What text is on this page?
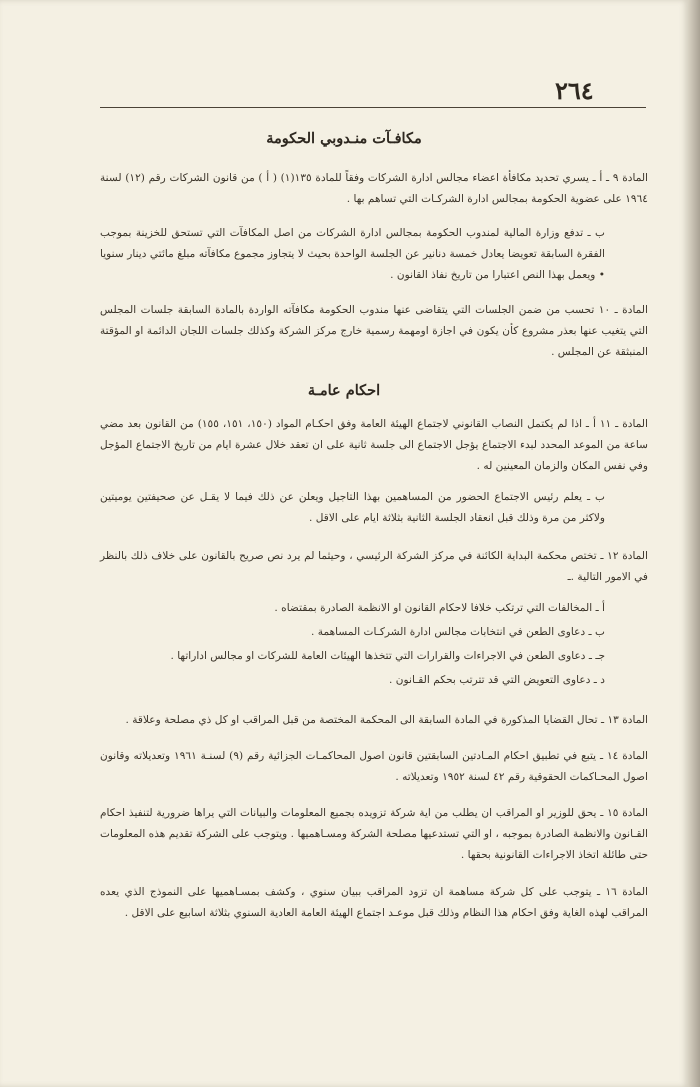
٢٦٤
مكافـآت منـدوبي الحكومة
المادة ٩ ـ أ ـ يسري تحديد مكافأة اعضاء مجالس ادارة الشركات وفقاً للمادة ١٣٥(١) ( أ ) من قانون الشركات رقم (١٢) لسنة ١٩٦٤ على عضوية الحكومة بمجالس ادارة الشركـات التي تساهم بها .
ب ـ تدفع وزارة المالية لمندوب الحكومة بمجالس ادارة الشركات من اصل المكافآت التي تستحق للخزينة بموجب الفقرة السابقة تعويضا يعادل خمسة دنانير عن الجلسة الواحدة بحيث لا يتجاوز مجموع مكافآته مبلغ مائتي دينار سنويا • ويعمل بهذا النص اعتبارا من تاريخ نفاذ القانون .
المادة ـ ١٠ تحسب من ضمن الجلسات التي يتقاضى عنها مندوب الحكومة مكافآته الواردة بالمادة السابقة جلسات المجلس التي يتغيب عنها بعذر مشروع كأن يكون في اجازة اومهمة رسمية خارج مركز الشركة وكذلك جلسات اللجان الدائمة او المؤقتة المنبثقة عن المجلس .
احكام عامـة
المادة ـ ١١ أ ـ اذا لم يكتمل النصاب القانوني لاجتماع الهيئة العامة وفق احكـام المواد (١٥٠، ١٥١، ١٥٥) من القانون بعد مضي ساعة من الموعد المحدد لبدء الاجتماع يؤجل الاجتماع الى جلسة ثانية على ان تعقد خلال عشرة ايام من تاريخ الاجتماع المؤجل وفي نفس المكان والزمان المعينين له .
ب ـ يعلم رئيس الاجتماع الحضور من المساهمين بهذا التاجيل ويعلن عن ذلك فيما لا يقـل عن صحيفتين يوميتين ولاكثر من مرة وذلك قبل انعقاد الجلسة الثانية بثلاثة ايام على الاقل .
المادة ١٢ ـ تختص محكمة البداية الكائنة في مركز الشركة الرئيسي ، وحيثما لم يرد نص صريح بالقانون على خلاف ذلك بالنظر في الامور التالية .ـ
أ ـ المخالفات التي ترتكب خلافا لاحكام القانون او الانظمة الصادرة بمقتضاه .
ب ـ دعاوى الطعن في انتخابات مجالس ادارة الشركـات المساهمة .
جـ ـ دعاوى الطعن في الاجراءات والقرارات التي تتخذها الهيئات العامة للشركات او مجالس اداراتها .
د ـ دعاوى التعويض التي قد تترتب بحكم القـانون .
المادة ١٣ ـ تحال القضايا المذكورة في المادة السابقة الى المحكمة المختصة من قبل المراقب او كل ذي مصلحة وعلاقة .
المادة ١٤ ـ يتبع في تطبيق احكام المـادتين السابقتين قانون اصول المحاكمـات الجزائية رقم (٩) لسنـة ١٩٦١ وتعديلاته وقانون اصول المحـاكمات الحقوقية رقم ٤٢ لسنة ١٩٥٢ وتعديلاته .
المادة ١٥ ـ يحق للوزير او المراقب ان يطلب من اية شركة تزويده بجميع المعلومات والبيانات التي يراها ضرورية لتنفيذ احكام القـانون والانظمة الصادرة بموجبه ، او التي تستدعيها مصلحة الشركة ومسـاهميها . ويتوجب على الشركة تقديم هذه المعلومات حتى طائلة اتخاذ الاجراءات القانونية بحقها .
المادة ١٦ ـ يتوجب على كل شركة مساهمة ان تزود المراقب ببيان سنوي ، وكشف بمسـاهميها على النموذج الذي يعده المراقب لهذه الغاية وفق احكام هذا النظام وذلك قبل موعـد اجتماع الهيئة العامة العادية السنوي بثلاثة اسابيع على الاقل .
